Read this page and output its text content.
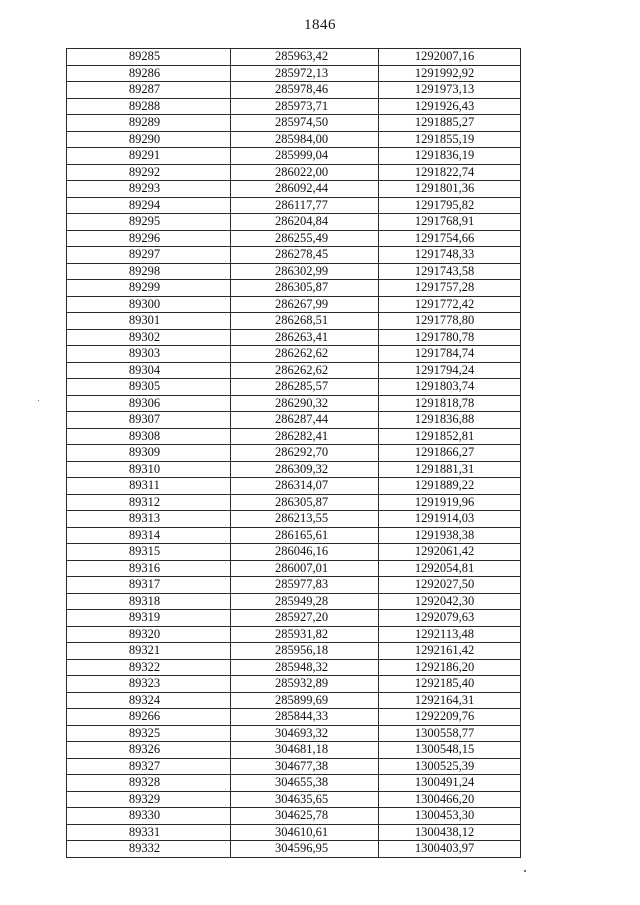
1846
89285	285963,42	1292007,16
89286	285972,13	1291992,92
89287	285978,46	1291973,13
89288	285973,71	1291926,43
89289	285974,50	1291885,27
89290	285984,00	1291855,19
89291	285999,04	1291836,19
89292	286022,00	1291822,74
89293	286092,44	1291801,36
89294	286117,77	1291795,82
89295	286204,84	1291768,91
89296	286255,49	1291754,66
89297	286278,45	1291748,33
89298	286302,99	1291743,58
89299	286305,87	1291757,28
89300	286267,99	1291772,42
89301	286268,51	1291778,80
89302	286263,41	1291780,78
89303	286262,62	1291784,74
89304	286262,62	1291794,24
89305	286285,57	1291803,74
89306	286290,32	1291818,78
89307	286287,44	1291836,88
89308	286282,41	1291852,81
89309	286292,70	1291866,27
89310	286309,32	1291881,31
89311	286314,07	1291889,22
89312	286305,87	1291919,96
89313	286213,55	1291914,03
89314	286165,61	1291938,38
89315	286046,16	1292061,42
89316	286007,01	1292054,81
89317	285977,83	1292027,50
89318	285949,28	1292042,30
89319	285927,20	1292079,63
89320	285931,82	1292113,48
89321	285956,18	1292161,42
89322	285948,32	1292186,20
89323	285932,89	1292185,40
89324	285899,69	1292164,31
89266	285844,33	1292209,76
89325	304693,32	1300558,77
89326	304681,18	1300548,15
89327	304677,38	1300525,39
89328	304655,38	1300491,24
89329	304635,65	1300466,20
89330	304625,78	1300453,30
89331	304610,61	1300438,12
89332	304596,95	1300403,97
